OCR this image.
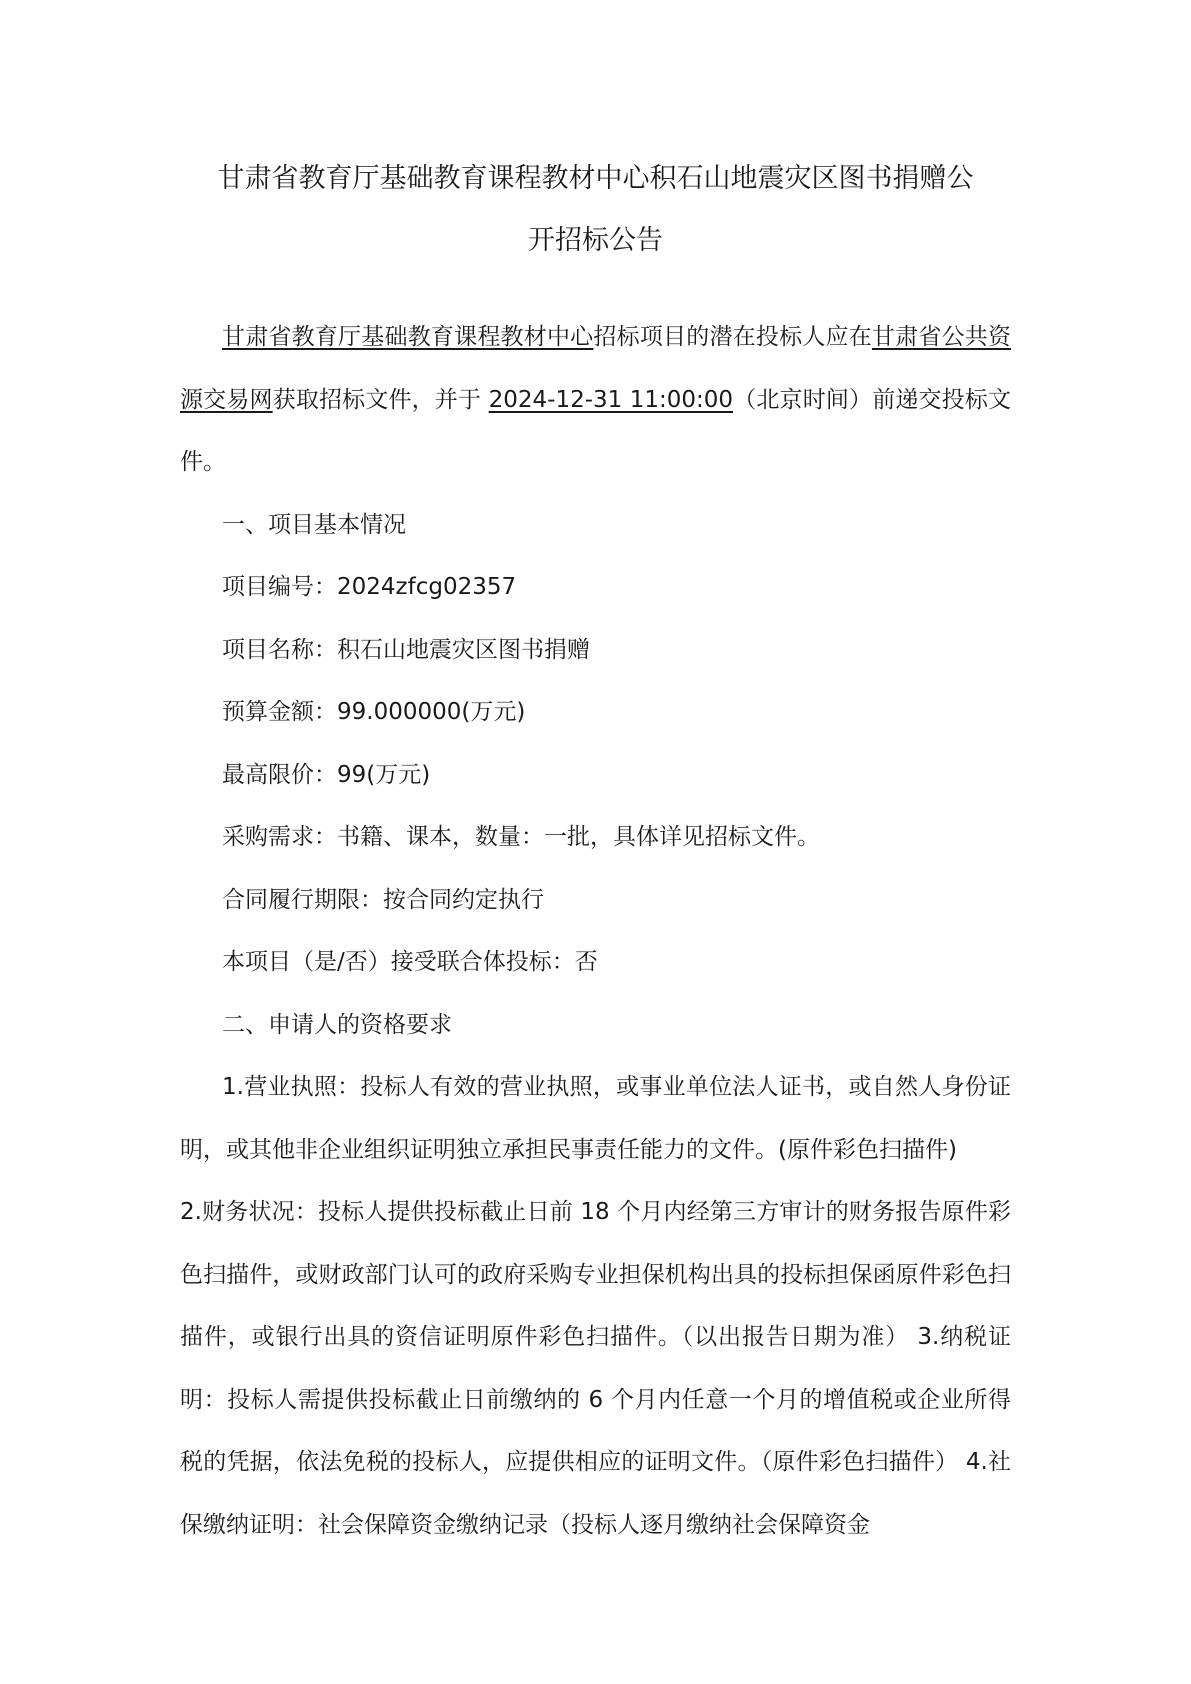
甘肃省教育厅基础教育课程教材中心积石山地震灾区图书捐赠公
开招标公告

甘肃省教育厅基础教育课程教材中心招标项目的潜在投标人应在甘肃省公共资源交易网获取招标文件，并于 2024-12-31 11:00:00（北京时间）前递交投标文件。

一、项目基本情况

项目编号：2024zfcg02357

项目名称：积石山地震灾区图书捐赠

预算金额：99.000000(万元)

最高限价：99(万元)

采购需求：书籍、课本，数量：一批，具体详见招标文件。

合同履行期限：按合同约定执行

本项目（是/否）接受联合体投标：否

二、申请人的资格要求

1.营业执照：投标人有效的营业执照，或事业单位法人证书，或自然人身份证明，或其他非企业组织证明独立承担民事责任能力的文件。(原件彩色扫描件)

2.财务状况：投标人提供投标截止日前 18 个月内经第三方审计的财务报告原件彩色扫描件，或财政部门认可的政府采购专业担保机构出具的投标担保函原件彩色扫描件，或银行出具的资信证明原件彩色扫描件。（以出报告日期为准） 3.纳税证明：投标人需提供投标截止日前缴纳的 6 个月内任意一个月的增值税或企业所得税的凭据，依法免税的投标人，应提供相应的证明文件。（原件彩色扫描件） 4.社保缴纳证明：社会保障资金缴纳记录（投标人逐月缴纳社会保障资金
